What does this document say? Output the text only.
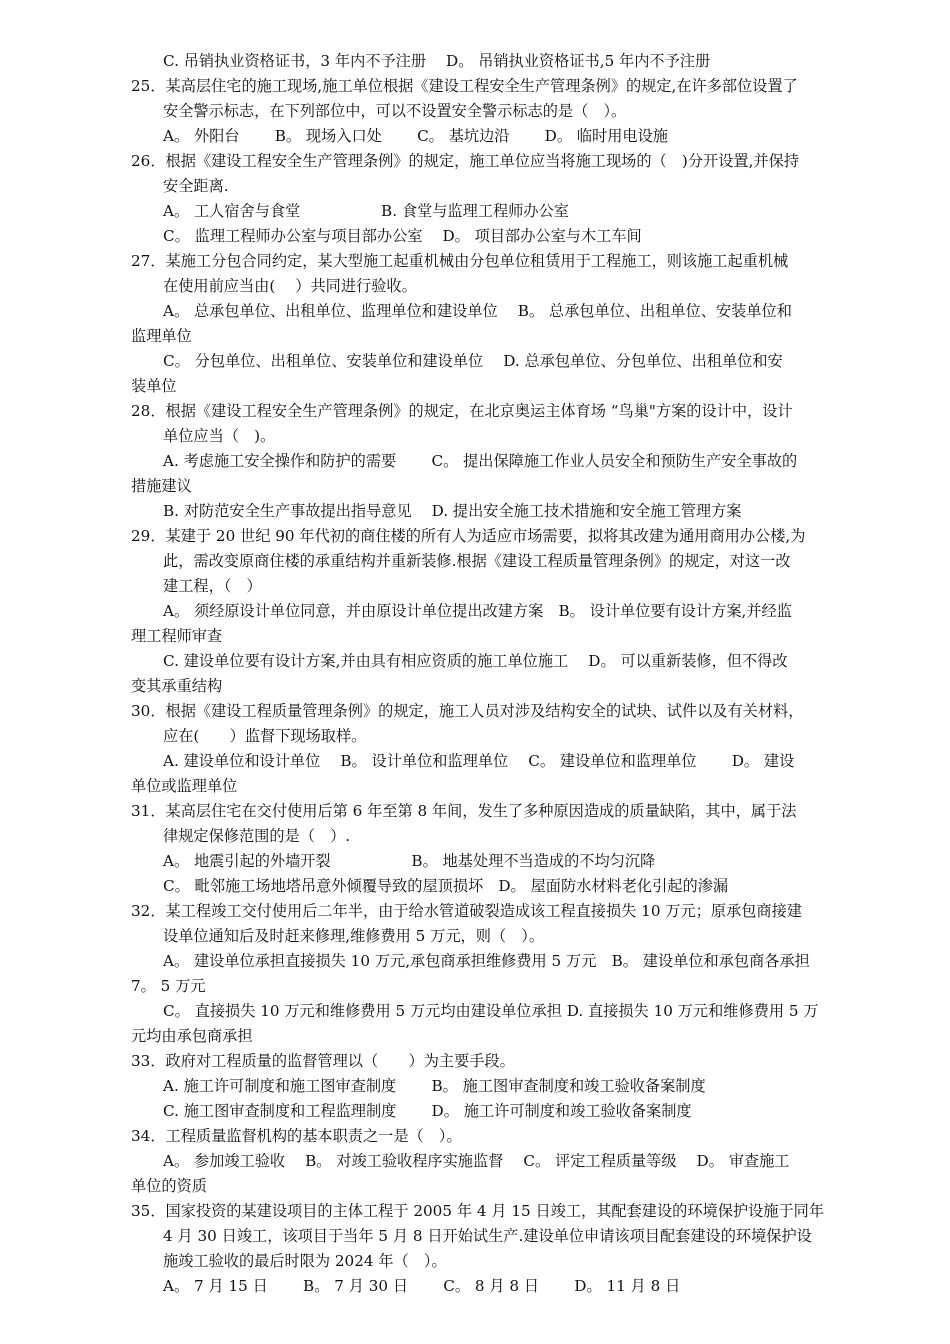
C. 吊销执业资格证书，3 年内不予注册　 D。 吊销执业资格证书,5 年内不予注册
25．某高层住宅的施工现场,施工单位根据《建设工程安全生产管理条例》的规定,在许多部位设置了
安全警示标志，在下列部位中，可以不设置安全警示标志的是（　）。
A。 外阳台　　 B。 现场入口处　　 C。 基坑边沿　　 D。 临时用电设施
26．根据《建设工程安全生产管理条例》的规定，施工单位应当将施工现场的（　)分开设置,并保持
安全距离.
A。 工人宿舍与食堂　　　　　 B. 食堂与监理工程师办公室
C。 监理工程师办公室与项目部办公室　 D。 项目部办公室与木工车间
27．某施工分包合同约定，某大型施工起重机械由分包单位租赁用于工程施工，则该施工起重机械
在使用前应当由(　 ）共同进行验收。
A。 总承包单位、出租单位、监理单位和建设单位　 B。 总承包单位、出租单位、安装单位和
监理单位
C。 分包单位、出租单位、安装单位和建设单位　 D. 总承包单位、分包单位、出租单位和安
装单位
28．根据《建设工程安全生产管理条例》的规定，在北京奥运主体育场 “鸟巢"方案的设计中，设计
单位应当（　)。
A. 考虑施工安全操作和防护的需要　　 C。 提出保障施工作业人员安全和预防生产安全事故的
措施建议
B. 对防范安全生产事故提出指导意见　 D. 提出安全施工技术措施和安全施工管理方案
29．某建于 20 世纪 90 年代初的商住楼的所有人为适应市场需要，拟将其改建为通用商用办公楼,为
此，需改变原商住楼的承重结构并重新装修.根据《建设工程质量管理条例》的规定，对这一改
建工程，（　）
A。 须经原设计单位同意，并由原设计单位提出改建方案　B。 设计单位要有设计方案,并经监
理工程师审查
C. 建设单位要有设计方案,并由具有相应资质的施工单位施工　 D。 可以重新装修，但不得改
变其承重结构
30．根据《建设工程质量管理条例》的规定，施工人员对涉及结构安全的试块、试件以及有关材料，
应在(　　）监督下现场取样。
A. 建设单位和设计单位　 B。 设计单位和监理单位　 C。 建设单位和监理单位　　 D。 建设
单位或监理单位
31．某高层住宅在交付使用后第 6 年至第 8 年间，发生了多种原因造成的质量缺陷，其中，属于法
律规定保修范围的是（　）.
A。 地震引起的外墙开裂　　　　　 B。 地基处理不当造成的不均匀沉降
C。 毗邻施工场地塔吊意外倾覆导致的屋顶损坏　D。 屋面防水材料老化引起的渗漏
32．某工程竣工交付使用后二年半，由于给水管道破裂造成该工程直接损失 10 万元；原承包商接建
设单位通知后及时赶来修理,维修费用 5 万元，则（　）。
A。 建设单位承担直接损失 10 万元,承包商承担维修费用 5 万元　B。 建设单位和承包商各承担
7。 5 万元
C。 直接损失 10 万元和维修费用 5 万元均由建设单位承担 D. 直接损失 10 万元和维修费用 5 万
元均由承包商承担
33．政府对工程质量的监督管理以（　　）为主要手段。
A. 施工许可制度和施工图审查制度　　 B。 施工图审查制度和竣工验收备案制度
C. 施工图审查制度和工程监理制度　　 D。 施工许可制度和竣工验收备案制度
34．工程质量监督机构的基本职责之一是（　）。
A。 参加竣工验收　 B。 对竣工验收程序实施监督　 C。 评定工程质量等级　 D。 审查施工
单位的资质
35．国家投资的某建设项目的主体工程于 2005 年 4 月 15 日竣工，其配套建设的环境保护设施于同年
4 月 30 日竣工，该项目于当年 5 月 8 日开始试生产.建设单位申请该项目配套建设的环境保护设
施竣工验收的最后时限为 2024 年（　）。
A。 7 月 15 日　　 B。 7 月 30 日　　 C。 8 月 8 日　　 D。 11 月 8 日
